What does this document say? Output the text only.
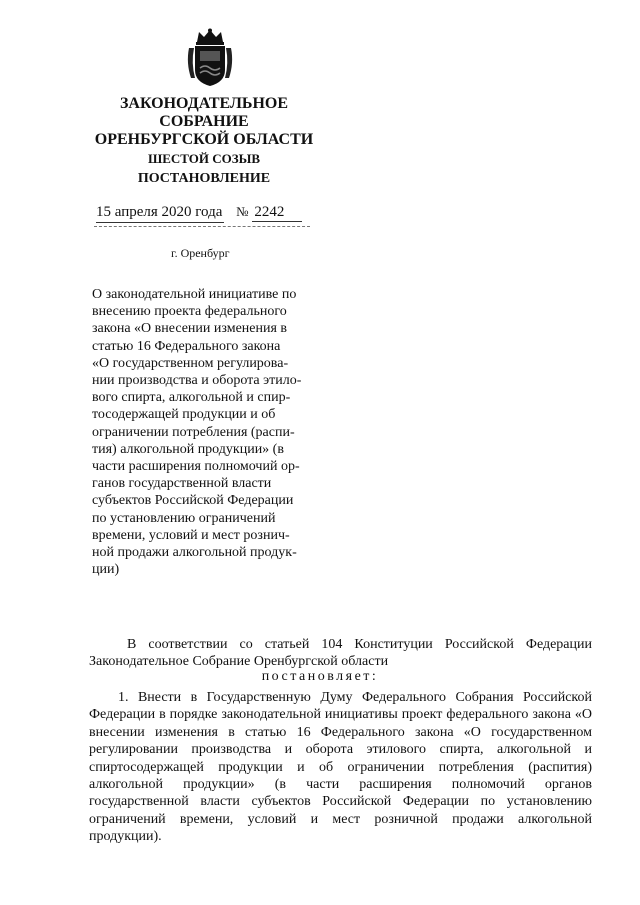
ЗАКОНОДАТЕЛЬНОЕ
СОБРАНИЕ
ОРЕНБУРГСКОЙ ОБЛАСТИ
ШЕСТОЙ СОЗЫВ
ПОСТАНОВЛЕНИЕ
15 апреля 2020 года № 2242
г. Оренбург
О законодательной инициативе по
внесению проекта федерального
закона «О внесении изменения в
статью 16 Федерального закона
«О государственном регулирова-
нии производства и оборота этило-
вого спирта, алкогольной и спир-
тосодержащей продукции и об
ограничении потребления (распи-
тия) алкогольной продукции» (в
части расширения полномочий ор-
ганов государственной власти
субъектов Российской Федерации
по установлению ограничений
времени, условий и мест рознич-
ной продажи алкогольной продук-
ции)
В соответствии со статьей 104 Конституции Российской Федерации Законодательное Собрание Оренбургской области
постановляет:
1. Внести в Государственную Думу Федерального Собрания Российской Федерации в порядке законодательной инициативы проект федерального закона «О внесении изменения в статью 16 Федерального закона «О государственном регулировании производства и оборота этилового спирта, алкогольной и спиртосодержащей продукции и об ограничении потребления (распития) алкогольной продукции» (в части расширения полномочий органов государственной власти субъектов Российской Федерации по установлению ограничений времени, условий и мест розничной продажи алкогольной продукции).
